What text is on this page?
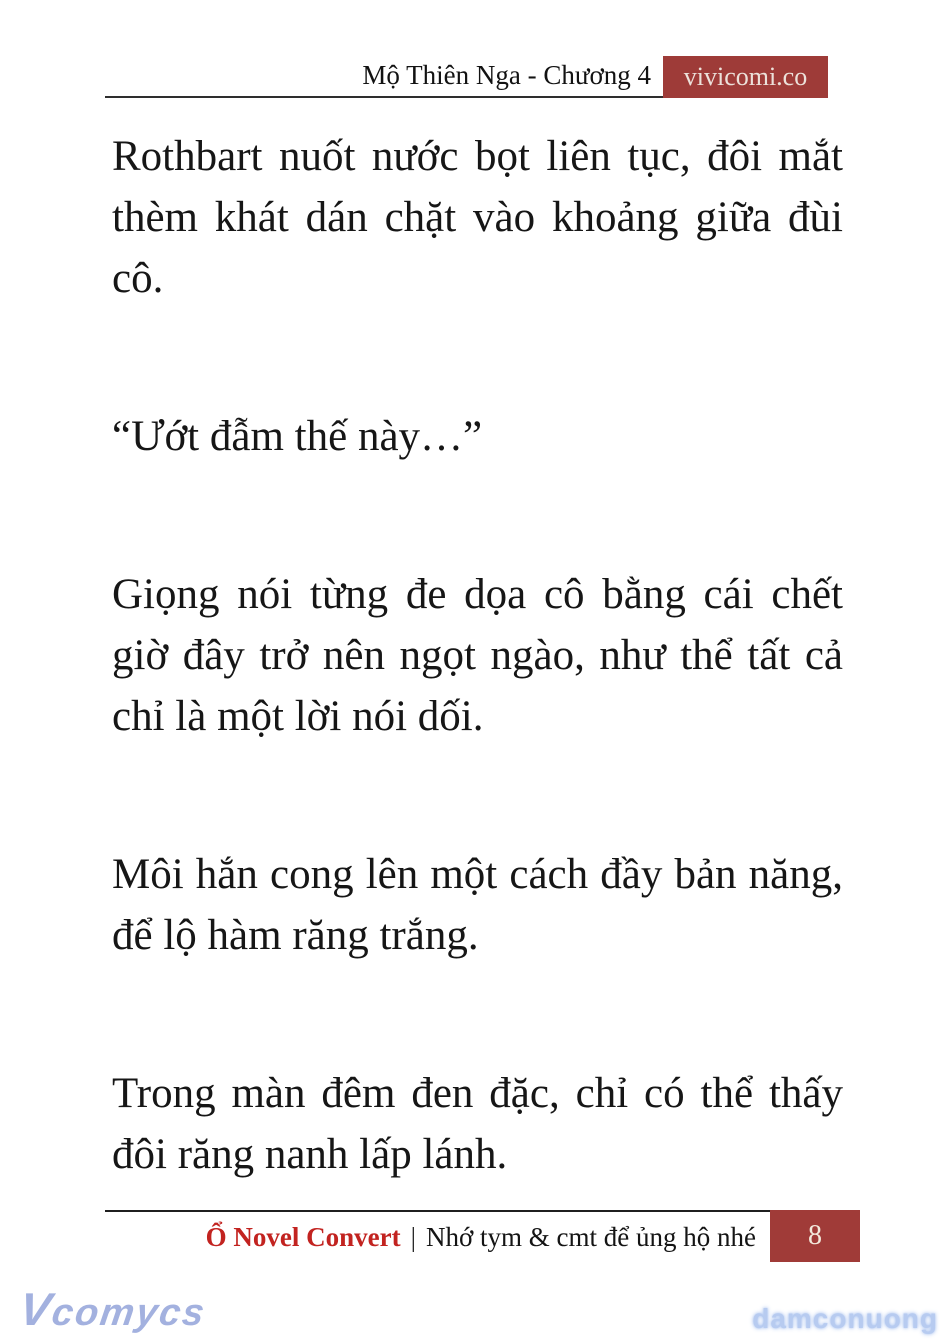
Mộ Thiên Nga - Chương 4	vivicomi.co

Rothbart nuốt nước bọt liên tục, đôi mắt thèm khát dán chặt vào khoảng giữa đùi cô.

“Ướt đẫm thế này…”

Giọng nói từng đe dọa cô bằng cái chết giờ đây trở nên ngọt ngào, như thể tất cả chỉ là một lời nói dối.

Môi hắn cong lên một cách đầy bản năng, để lộ hàm răng trắng.

Trong màn đêm đen đặc, chỉ có thể thấy đôi răng nanh lấp lánh.

Ổ Novel Convert | Nhớ tym & cmt để ủng hộ nhé	8
Vcomycs	damconuong
